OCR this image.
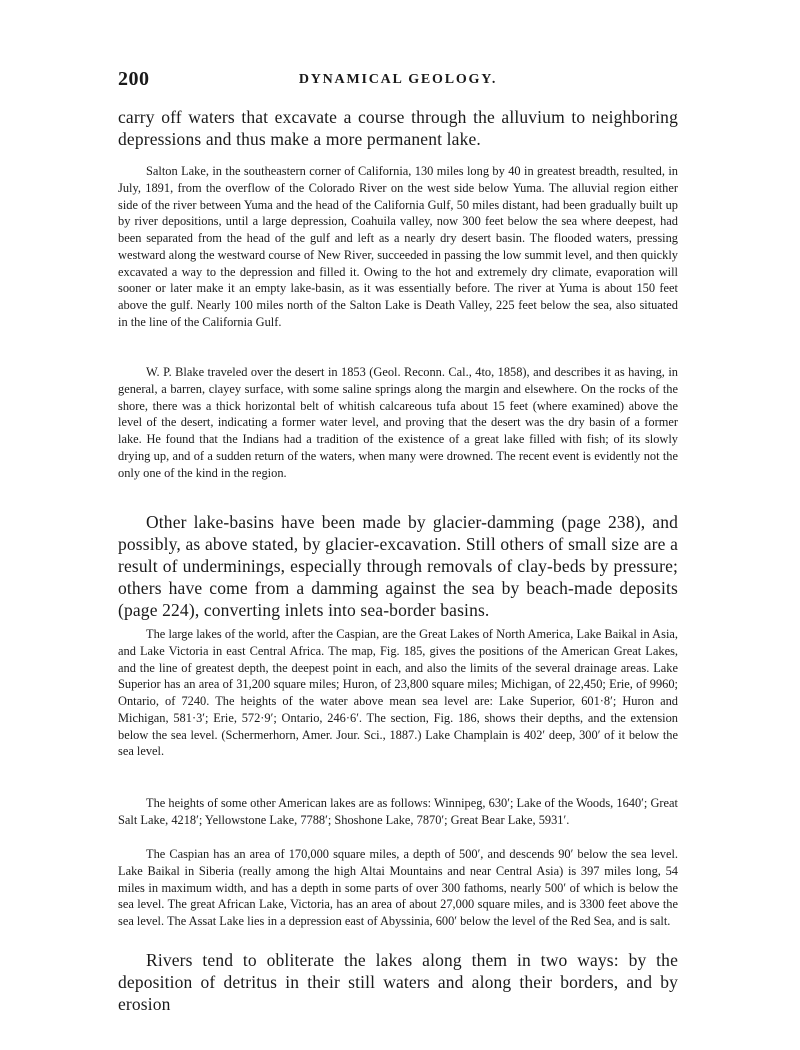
200	DYNAMICAL GEOLOGY.

carry off waters that excavate a course through the alluvium to neighboring depressions and thus make a more permanent lake.

Salton Lake, in the southeastern corner of California, 130 miles long by 40 in greatest breadth, resulted, in July, 1891, from the overflow of the Colorado River on the west side below Yuma. The alluvial region either side of the river between Yuma and the head of the California Gulf, 50 miles distant, had been gradually built up by river depositions, until a large depression, Coahuila valley, now 300 feet below the sea where deepest, had been separated from the head of the gulf and left as a nearly dry desert basin. The flooded waters, pressing westward along the westward course of New River, succeeded in passing the low summit level, and then quickly excavated a way to the depression and filled it. Owing to the hot and extremely dry climate, evaporation will sooner or later make it an empty lake-basin, as it was essentially before. The river at Yuma is about 150 feet above the gulf. Nearly 100 miles north of the Salton Lake is Death Valley, 225 feet below the sea, also situated in the line of the California Gulf.

W. P. Blake traveled over the desert in 1853 (Geol. Reconn. Cal., 4to, 1858), and describes it as having, in general, a barren, clayey surface, with some saline springs along the margin and elsewhere. On the rocks of the shore, there was a thick horizontal belt of whitish calcareous tufa about 15 feet (where examined) above the level of the desert, indicating a former water level, and proving that the desert was the dry basin of a former lake. He found that the Indians had a tradition of the existence of a great lake filled with fish; of its slowly drying up, and of a sudden return of the waters, when many were drowned. The recent event is evidently not the only one of the kind in the region.

Other lake-basins have been made by glacier-damming (page 238), and possibly, as above stated, by glacier-excavation. Still others of small size are a result of underminings, especially through removals of clay-beds by pressure; others have come from a damming against the sea by beach-made deposits (page 224), converting inlets into sea-border basins.

The large lakes of the world, after the Caspian, are the Great Lakes of North America, Lake Baikal in Asia, and Lake Victoria in east Central Africa. The map, Fig. 185, gives the positions of the American Great Lakes, and the line of greatest depth, the deepest point in each, and also the limits of the several drainage areas. Lake Superior has an area of 31,200 square miles; Huron, of 23,800 square miles; Michigan, of 22,450; Erie, of 9960; Ontario, of 7240. The heights of the water above mean sea level are: Lake Superior, 601·8′; Huron and Michigan, 581·3′; Erie, 572·9′; Ontario, 246·6′. The section, Fig. 186, shows their depths, and the extension below the sea level. (Schermerhorn, Amer. Jour. Sci., 1887.) Lake Champlain is 402′ deep, 300′ of it below the sea level.

The heights of some other American lakes are as follows: Winnipeg, 630′; Lake of the Woods, 1640′; Great Salt Lake, 4218′; Yellowstone Lake, 7788′; Shoshone Lake, 7870′; Great Bear Lake, 5931′.

The Caspian has an area of 170,000 square miles, a depth of 500′, and descends 90′ below the sea level. Lake Baikal in Siberia (really among the high Altai Mountains and near Central Asia) is 397 miles long, 54 miles in maximum width, and has a depth in some parts of over 300 fathoms, nearly 500′ of which is below the sea level. The great African Lake, Victoria, has an area of about 27,000 square miles, and is 3300 feet above the sea level. The Assat Lake lies in a depression east of Abyssinia, 600′ below the level of the Red Sea, and is salt.

Rivers tend to obliterate the lakes along them in two ways: by the deposition of detritus in their still waters and along their borders, and by erosion
